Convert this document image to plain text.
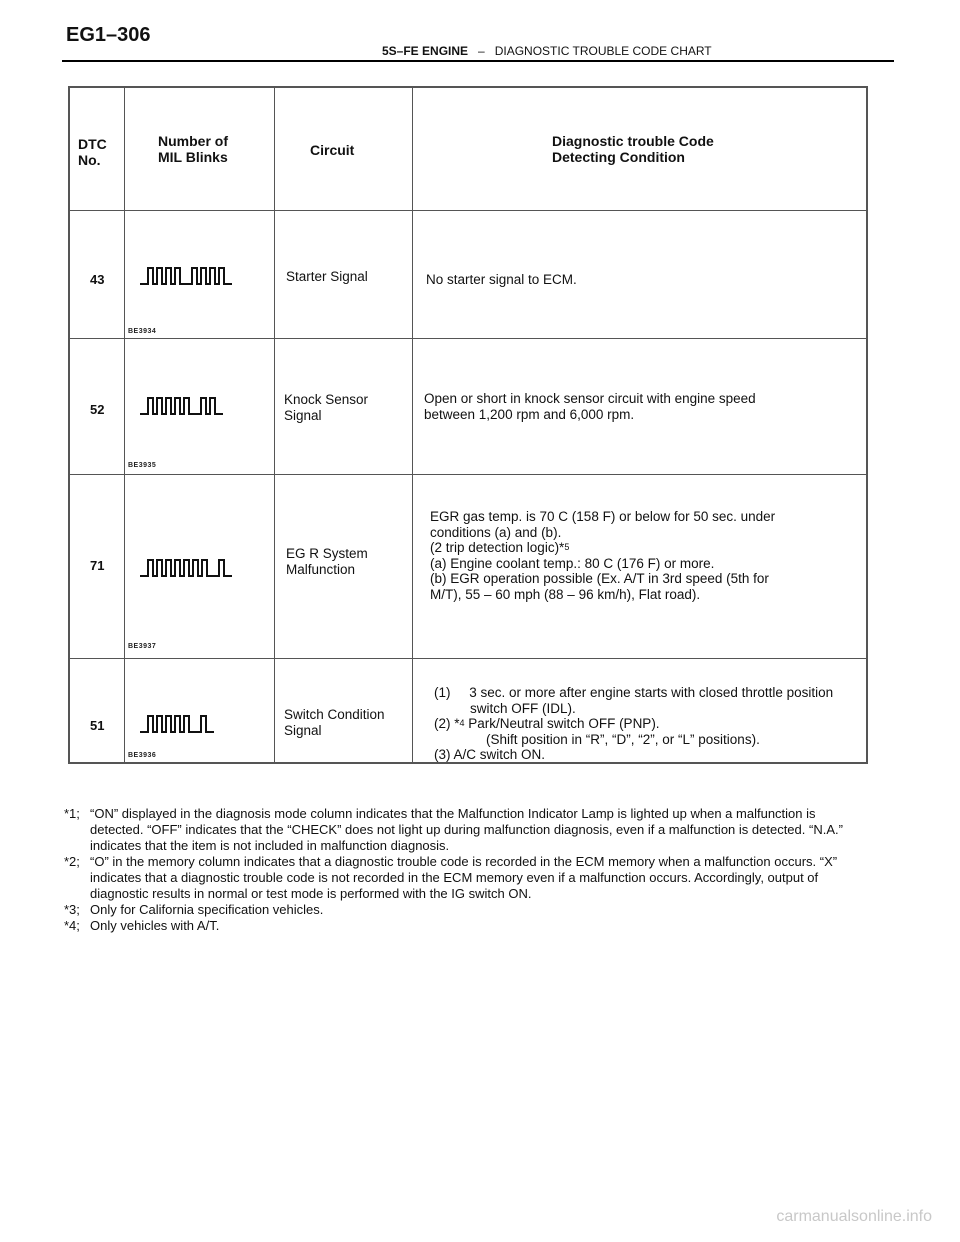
EG1–306
5S–FE ENGINE – DIAGNOSTIC TROUBLE CODE CHART
DTC
No.
Number of
MIL Blinks	Circuit
Diagnostic trouble Code
Detecting Condition
43
BE3934
Starter Signal	No starter signal to ECM.
52
BE3935
Knock Sensor
Signal
Open or short in knock sensor circuit with engine speed
between 1,200 rpm and 6,000 rpm.
71
BE3937
EG R System
Malfunction
EGR gas temp. is 70 C (158 F) or below for 50 sec. under
conditions (a) and (b).
(2 trip detection logic)*$^5$
(a) Engine coolant temp.: 80 C (176 F) or more.
(b) EGR operation possible (Ex. A/T in 3rd speed (5th for
M/T), 55 – 60 mph (88 – 96 km/h), Flat road).
51
BE3936
Switch Condition
Signal
(1)     3 sec. or more after engine starts with closed throttle position
switch OFF (IDL).
(2) *$^4$ Park/Neutral switch OFF (PNP).
(Shift position in “R”, “D”, “2”, or “L” positions).
(3) A/C switch ON.
*1; “ON” displayed in the diagnosis mode column indicates that the Malfunction Indicator Lamp is lighted up when a malfunction is detected. “OFF” indicates that the “CHECK” does not light up during malfunction diagnosis, even if a malfunction is detected. “N.A.” indicates that the item is not included in malfunction diagnosis.
*2; “O” in the memory column indicates that a diagnostic trouble code is recorded in the ECM memory when a malfunction occurs. “X” indicates that a diagnostic trouble code is not recorded in the ECM memory even if a malfunction occurs. Accordingly, output of diagnostic results in normal or test mode is performed with the IG switch ON.
*3; Only for California specification vehicles.
*4; Only vehicles with A/T.
carmanualsonline.info
